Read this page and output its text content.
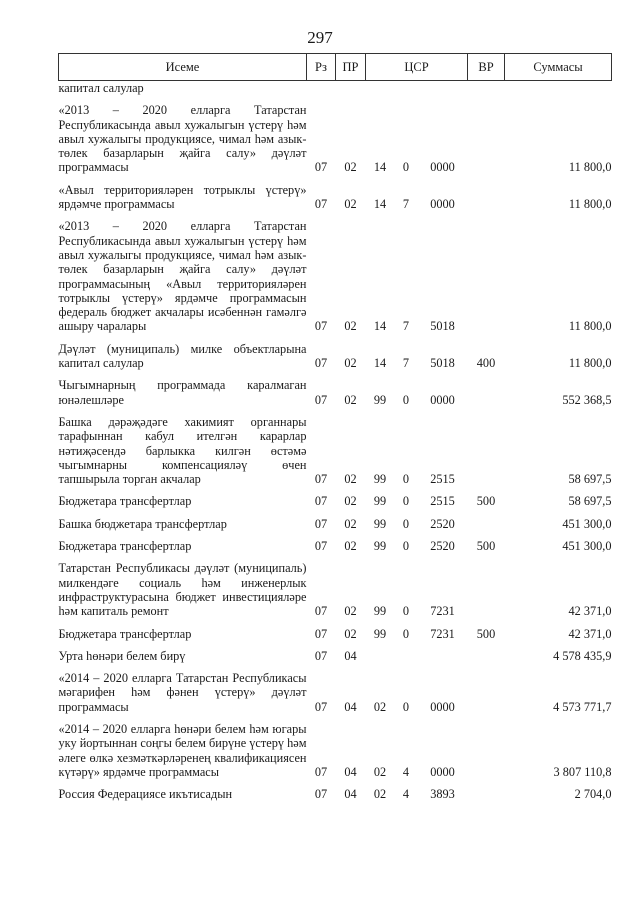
297
Исеме	Рз	ПР	ЦСР			ВР	Суммасы
капитал салулар							
«2013 – 2020 елларга Татарстан Республикасында авыл хужалыгын үстерү һәм авыл хужалыгы продукциясе, чимал һәм азык-төлек базарларын җайга салу» дәүләт программасы	07	02	14	0	0000		11 800,0
«Авыл территорияләрен тотрыклы үстерү» ярдәмче программасы	07	02	14	7	0000		11 800,0
«2013 – 2020 елларга Татарстан Республикасында авыл хужалыгын үстерү һәм авыл хужалыгы продукциясе, чимал һәм азык-төлек базарларын җайга салу» дәүләт программасының «Авыл территорияләрен тотрыклы үстерү» ярдәмче программасын федераль бюджет акчалары исәбеннән гамәлгә ашыру чаралары	07	02	14	7	5018		11 800,0
Дәүләт (муниципаль) милке объектларына капитал салулар	07	02	14	7	5018	400	11 800,0
Чыгымнарның программада каралмаган юнәлешләре	07	02	99	0	0000		552 368,5
Башка дәрәҗәдәге хакимият органнары тарафыннан кабул ителгән карарлар нәтиҗәсендә барлыкка килгән өстәмә чыгымнарны компенсацияләү өчен тапшырыла торган акчалар	07	02	99	0	2515		58 697,5
Бюджетара трансфертлар	07	02	99	0	2515	500	58 697,5
Башка бюджетара трансфертлар	07	02	99	0	2520		451 300,0
Бюджетара трансфертлар	07	02	99	0	2520	500	451 300,0
Татарстан Республикасы дәүләт (муниципаль) милкендәге социаль һәм инженерлык инфраструктурасына бюджет инвестицияләре һәм капиталь ремонт	07	02	99	0	7231		42 371,0
Бюджетара трансфертлар	07	02	99	0	7231	500	42 371,0
Урта һөнәри белем бирү	07	04					4 578 435,9
«2014 – 2020 елларга Татарстан Республикасы мәгарифен һәм фәнен үстерү» дәүләт программасы	07	04	02	0	0000		4 573 771,7
«2014 – 2020 елларга һөнәри белем һәм югары уку йортыннан соңгы белем бирүне үстерү һәм әлеге өлкә хезмәткәрләренең квалификациясен күтәрү» ярдәмче программасы	07	04	02	4	0000		3 807 110,8
Россия Федерациясе икътисадын	07	04	02	4	3893		2 704,0
